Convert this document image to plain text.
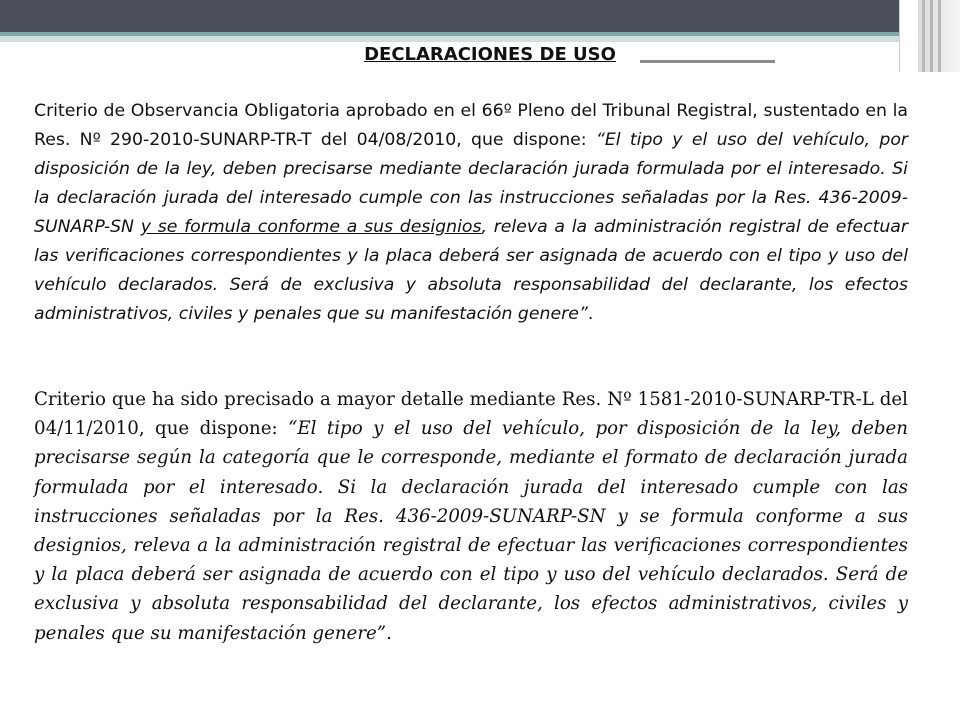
DECLARACIONES DE USO
Criterio de Observancia Obligatoria aprobado en el 66º Pleno del Tribunal Registral, sustentado en la Res. Nº 290-2010-SUNARP-TR-T del 04/08/2010, que dispone: “El tipo y el uso del vehículo, por disposición de la ley, deben precisarse mediante declaración jurada formulada por el interesado. Si la declaración jurada del interesado cumple con las instrucciones señaladas por la Res. 436-2009-SUNARP-SN y se formula conforme a sus designios, releva a la administración registral de efectuar las verificaciones correspondientes y la placa deberá ser asignada de acuerdo con el tipo y uso del vehículo declarados. Será de exclusiva y absoluta responsabilidad del declarante, los efectos administrativos, civiles y penales que su manifestación genere”.
Criterio que ha sido precisado a mayor detalle mediante Res. Nº 1581-2010-SUNARP-TR-L del 04/11/2010, que dispone: “El tipo y el uso del vehículo, por disposición de la ley, deben precisarse según la categoría que le corresponde, mediante el formato de declaración jurada formulada por el interesado. Si la declaración jurada del interesado cumple con las instrucciones señaladas por la Res. 436-2009-SUNARP-SN y se formula conforme a sus designios, releva a la administración registral de efectuar las verificaciones correspondientes y la placa deberá ser asignada de acuerdo con el tipo y uso del vehículo declarados. Será de exclusiva y absoluta responsabilidad del declarante, los efectos administrativos, civiles y penales que su manifestación genere”.
